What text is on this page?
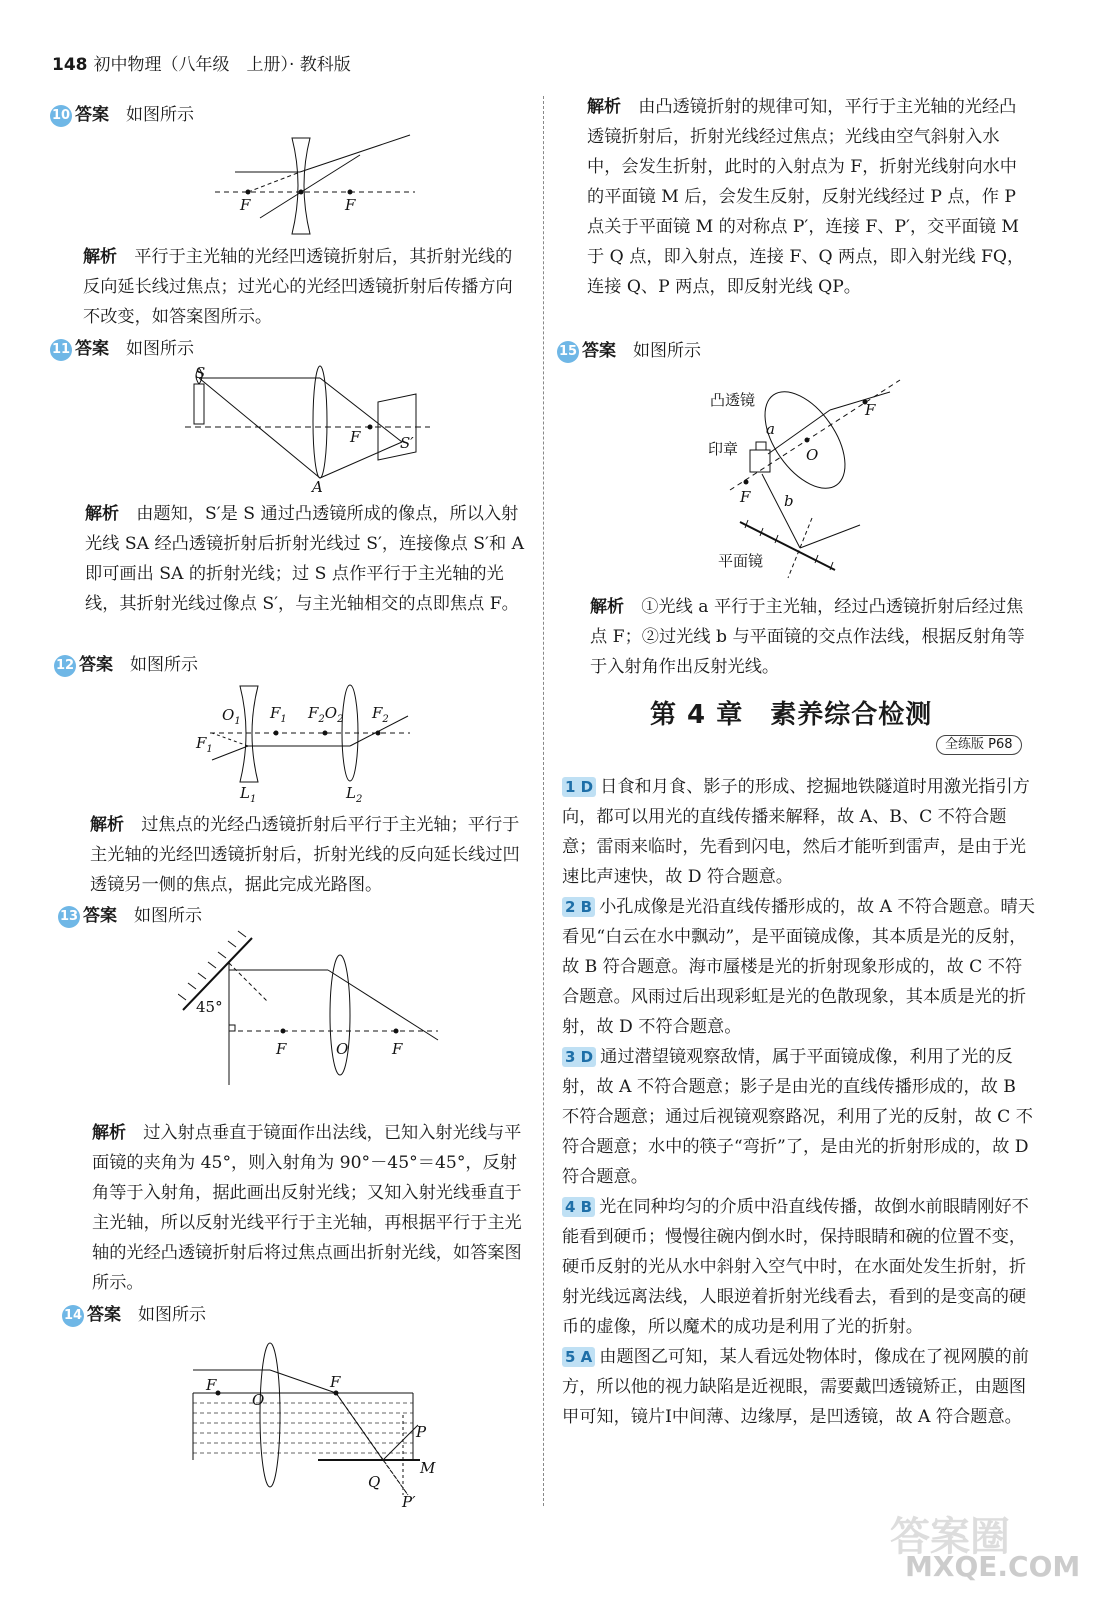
148 初中物理（八年级　上册）· 教科版
10 答案　 如图所示
F	F
解析　 平行于主光轴的光经凹透镜折射后，其折射光线的反向延长线过焦点；过光心的光经凹透镜折射后传播方向不改变，如答案图所示。
11 答案　 如图所示
S
F	S′
A
解析　 由题知，S′是 S 通过凸透镜所成的像点，所以入射光线 SA 经凸透镜折射后折射光线过 S′，连接像点 S′和 A 即可画出 SA 的折射光线；过 S 点作平行于主光轴的光线，其折射光线过像点 S′，与主光轴相交的点即焦点 F。
12 答案　 如图所示
$O_1$ $F_1$ $F_2O_2$ $F_2$
$F_1$
$L_1$	$L_2$
解析　 过焦点的光经凸透镜折射后平行于主光轴；平行于主光轴的光经凹透镜折射后，折射光线的反向延长线过凹透镜另一侧的焦点，据此完成光路图。
13 答案　 如图所示
45°
F	O	F
解析　 过入射点垂直于镜面作出法线，已知入射光线与平面镜的夹角为 45°，则入射角为 90°－45°＝45°，反射角等于入射角，据此画出反射光线；又知入射光线垂直于主光轴，所以反射光线平行于主光轴，再根据平行于主光轴的光经凸透镜折射后将过焦点画出折射光线，如答案图所示。
14 答案　 如图所示
F
O
F
P
M
Q
P′
解析　 由凸透镜折射的规律可知，平行于主光轴的光经凸透镜折射后，折射光线经过焦点；光线由空气斜射入水中，会发生折射，此时的入射点为 F，折射光线射向水中的平面镜 M 后，会发生反射，反射光线经过 P 点，作 P 点关于平面镜 M 的对称点 P′，连接 F、P′，交平面镜 M 于 Q 点，即入射点，连接 F、Q 两点，即入射光线 FQ，连接 Q、P 两点，即反射光线 QP。
15 答案　 如图所示
凸透镜
印章
平面镜
a
b
O
F
F
解析　 ①光线 a 平行于主光轴，经过凸透镜折射后经过焦点 F；②过光线 b 与平面镜的交点作法线，根据反射角等于入射角作出反射光线。
第 4 章　素养综合检测
全练版 P68
1 D 日食和月食、影子的形成、挖掘地铁隧道时用激光指引方向，都可以用光的直线传播来解释，故 A、B、C 不符合题意；雷雨来临时，先看到闪电，然后才能听到雷声，是由于光速比声速快，故 D 符合题意。
2 B 小孔成像是光沿直线传播形成的，故 A 不符合题意。晴天看见“白云在水中飘动”，是平面镜成像，其本质是光的反射，故 B 符合题意。海市蜃楼是光的折射现象形成的，故 C 不符合题意。风雨过后出现彩虹是光的色散现象，其本质是光的折射，故 D 不符合题意。
3 D 通过潜望镜观察敌情，属于平面镜成像，利用了光的反射，故 A 不符合题意；影子是由光的直线传播形成的，故 B 不符合题意；通过后视镜观察路况，利用了光的反射，故 C 不符合题意；水中的筷子“弯折”了，是由光的折射形成的，故 D 符合题意。
4 B 光在同种均匀的介质中沿直线传播，故倒水前眼睛刚好不能看到硬币；慢慢往碗内倒水时，保持眼睛和碗的位置不变，硬币反射的光从水中斜射入空气中时，在水面处发生折射，折射光线远离法线，人眼逆着折射光线看去，看到的是变高的硬币的虚像，所以魔术的成功是利用了光的折射。
5 A 由题图乙可知，某人看远处物体时，像成在了视网膜的前方，所以他的视力缺陷是近视眼，需要戴凹透镜矫正，由题图甲可知，镜片Ⅰ中间薄、边缘厚，是凹透镜，故 A 符合题意。
答案圈
MXQE.COM
